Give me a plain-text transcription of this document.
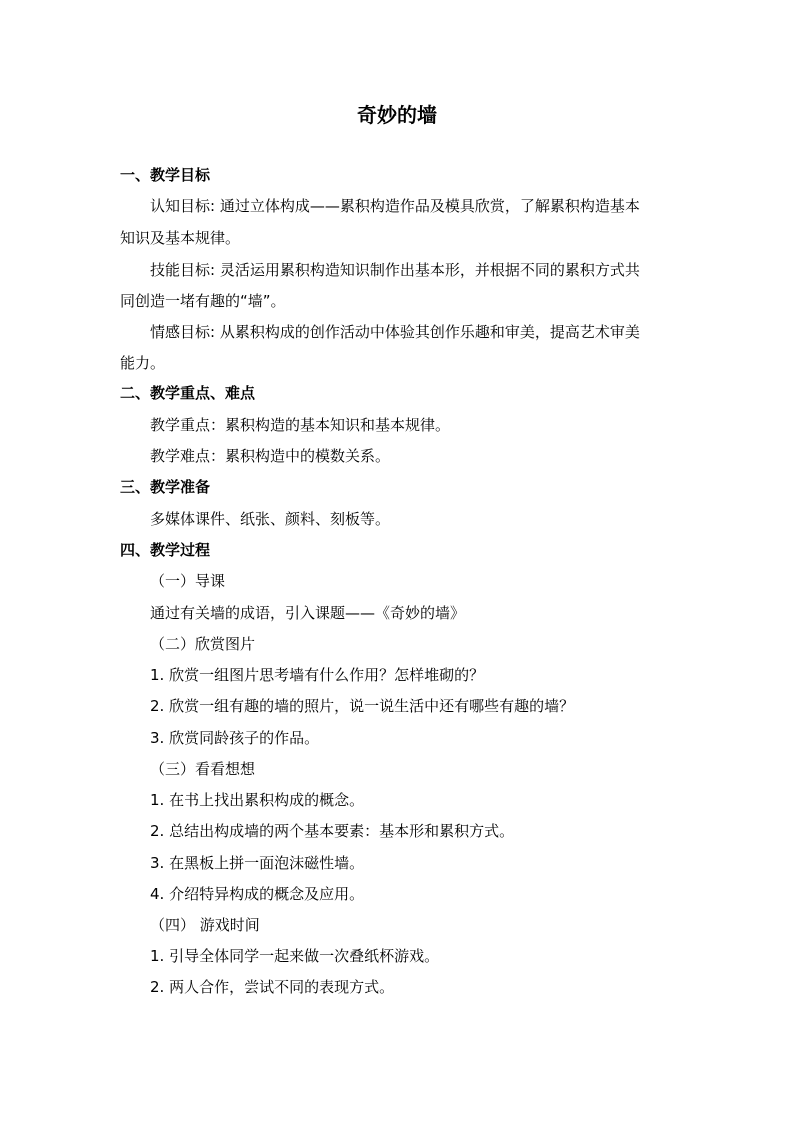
奇妙的墙
一、教学目标
认知目标: 通过立体构成——累积构造作品及模具欣赏，了解累积构造基本
知识及基本规律。
技能目标: 灵活运用累积构造知识制作出基本形，并根据不同的累积方式共
同创造一堵有趣的“墙”。
情感目标: 从累积构成的创作活动中体验其创作乐趣和审美，提高艺术审美
能力。
二、教学重点、难点
教学重点：累积构造的基本知识和基本规律。
教学难点：累积构造中的模数关系。
三、教学准备
多媒体课件、纸张、颜料、刻板等。
四、教学过程
（一）导课
通过有关墙的成语，引入课题——《奇妙的墙》
（二）欣赏图片
1. 欣赏一组图片思考墙有什么作用？怎样堆砌的？
2. 欣赏一组有趣的墙的照片，说一说生活中还有哪些有趣的墙？
3. 欣赏同龄孩子的作品。
（三）看看想想
1. 在书上找出累积构成的概念。
2. 总结出构成墙的两个基本要素：基本形和累积方式。
3. 在黑板上拼一面泡沫磁性墙。
4. 介绍特异构成的概念及应用。
（四） 游戏时间
1. 引导全体同学一起来做一次叠纸杯游戏。
2. 两人合作，尝试不同的表现方式。
